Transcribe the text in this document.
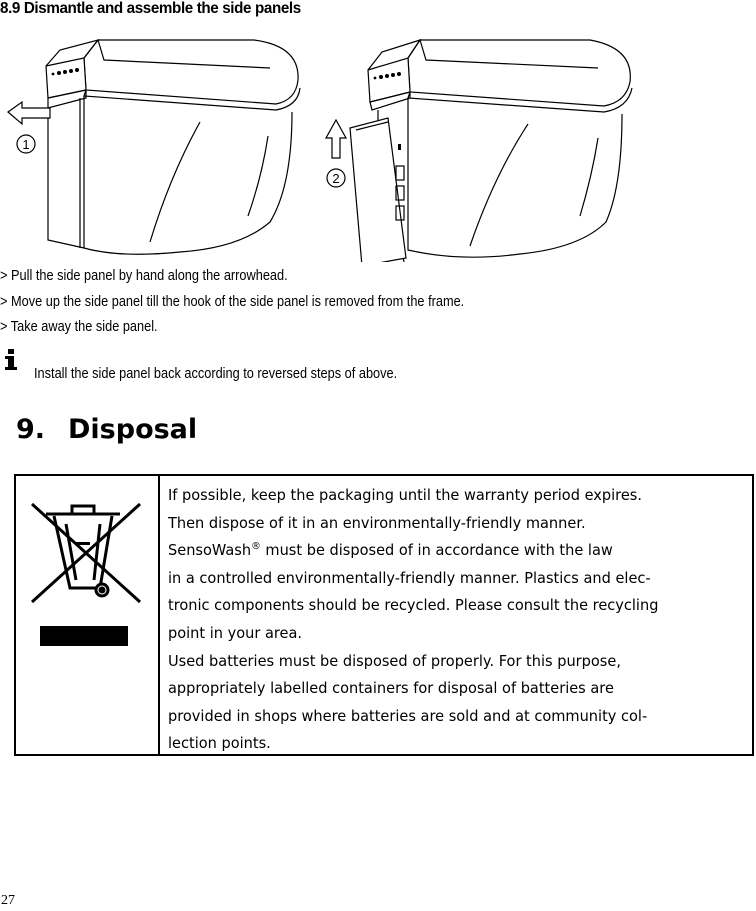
8.9 Dismantle and assemble the side panels
1
2
> Pull the side panel by hand along the arrowhead.
> Move up the side panel till the hook of the side panel is removed from the frame.
> Take away the side panel.
Install the side panel back according to reversed steps of above.
9. Disposal
If possible, keep the packaging until the warranty period expires.
Then dispose of it in an environmentally-friendly manner.
SensoWash® must be disposed of in accordance with the law
in a controlled environmentally-friendly manner. Plastics and elec-
tronic components should be recycled. Please consult the recycling
point in your area.
Used batteries must be disposed of properly. For this purpose,
appropriately labelled containers for disposal of batteries are
provided in shops where batteries are sold and at community col-
lection points.
27
